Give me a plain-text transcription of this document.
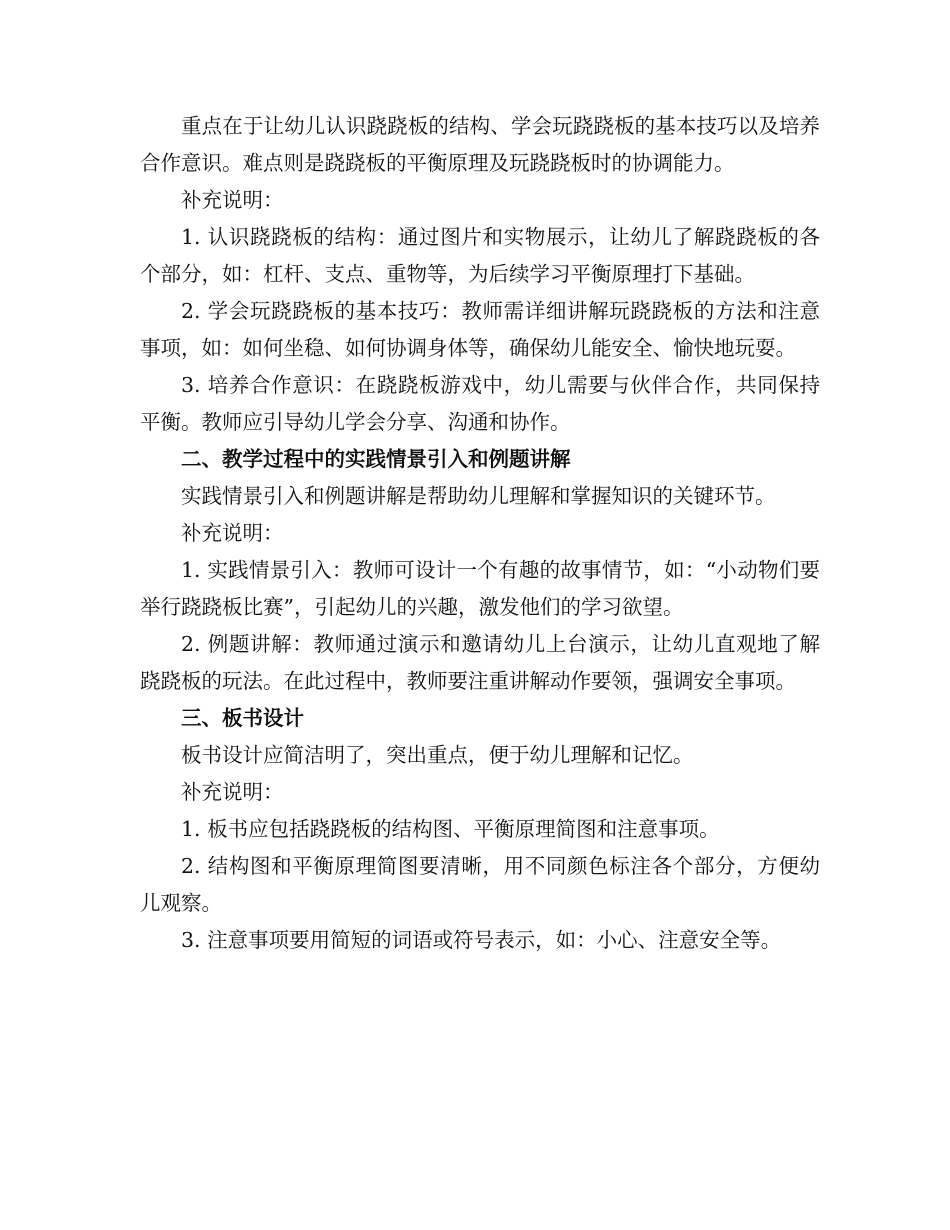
重点在于让幼儿认识跷跷板的结构、学会玩跷跷板的基本技巧以及培养合作意识。难点则是跷跷板的平衡原理及玩跷跷板时的协调能力。

补充说明：

1. 认识跷跷板的结构：通过图片和实物展示，让幼儿了解跷跷板的各个部分，如：杠杆、支点、重物等，为后续学习平衡原理打下基础。

2. 学会玩跷跷板的基本技巧：教师需详细讲解玩跷跷板的方法和注意事项，如：如何坐稳、如何协调身体等，确保幼儿能安全、愉快地玩耍。

3. 培养合作意识：在跷跷板游戏中，幼儿需要与伙伴合作，共同保持平衡。教师应引导幼儿学会分享、沟通和协作。

二、教学过程中的实践情景引入和例题讲解

实践情景引入和例题讲解是帮助幼儿理解和掌握知识的关键环节。

补充说明：

1. 实践情景引入：教师可设计一个有趣的故事情节，如：“小动物们要举行跷跷板比赛”，引起幼儿的兴趣，激发他们的学习欲望。

2. 例题讲解：教师通过演示和邀请幼儿上台演示，让幼儿直观地了解跷跷板的玩法。在此过程中，教师要注重讲解动作要领，强调安全事项。

三、板书设计

板书设计应简洁明了，突出重点，便于幼儿理解和记忆。

补充说明：

1. 板书应包括跷跷板的结构图、平衡原理简图和注意事项。

2. 结构图和平衡原理简图要清晰，用不同颜色标注各个部分，方便幼儿观察。

3. 注意事项要用简短的词语或符号表示，如：小心、注意安全等。
